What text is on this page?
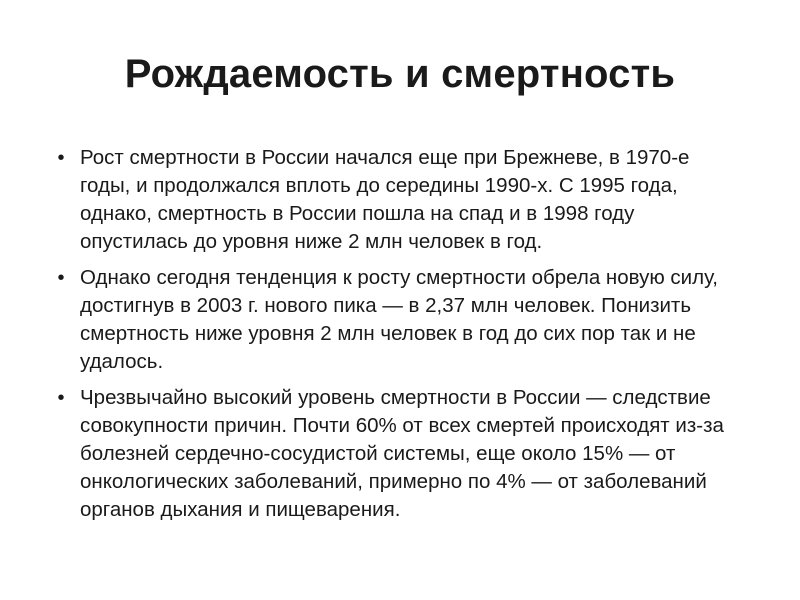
Рождаемость и смертность
• Рост смертности в России начался еще при Брежневе, в 1970-е годы, и продолжался вплоть до середины 1990-х. С 1995 года, однако, смертность в России пошла на спад и в 1998 году опустилась до уровня ниже 2 млн человек в год.
• Однако сегодня тенденция к росту смертности обрела новую силу, достигнув в 2003 г. нового пика — в 2,37 млн человек. Понизить смертность ниже уровня 2 млн человек в год до сих пор так и не удалось.
• Чрезвычайно высокий уровень смертности в России — следствие совокупности причин. Почти 60% от всех смертей происходят из-за болезней сердечно-сосудистой системы, еще около 15% — от онкологических заболеваний, примерно по 4% — от заболеваний органов дыхания и пищеварения.
